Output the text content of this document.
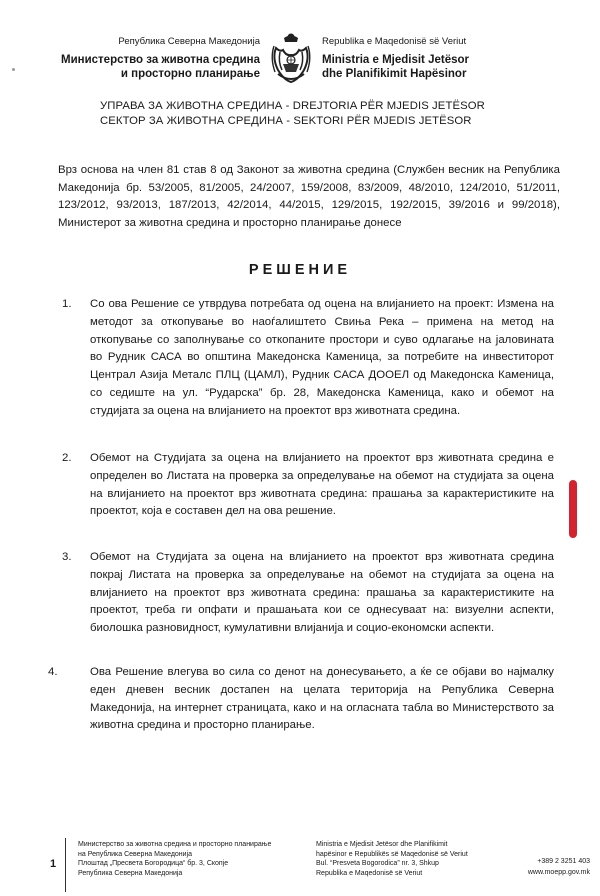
Република Северна Македонија
Министерство за животна средина
и просторно планирање
Republika e Maqedonisë së Veriut
Ministria e Mjedisit Jetësor
dhe Planifikimit Hapësinor
УПРАВА ЗА ЖИВОТНА СРЕДИНА - DREJTORIA PËR MJEDIS JETËSOR
СЕКТОР ЗА ЖИВОТНА СРЕДИНА - SEKTORI PËR MJEDIS JETËSOR
Врз основа на член 81 став 8 од Законот за животна средина (Службен весник на Република Македонија бр. 53/2005, 81/2005, 24/2007, 159/2008, 83/2009, 48/2010, 124/2010, 51/2011, 123/2012, 93/2013, 187/2013, 42/2014, 44/2015, 129/2015, 192/2015, 39/2016 и 99/2018), Министерот за животна средина и просторно планирање донесе
РЕШЕНИЕ
1. Со ова Решение се утврдува потребата од оцена на влијанието на проект: Измена на методот за откопување во наоѓалиштето Свиња Река – примена на метод на откопување со заполнување со откопаните простори и суво одлагање на јаловината во Рудник САСА во општина Македонска Каменица, за потребите на инвеститорот Централ Азија Металс ПЛЦ (ЦАМЛ), Рудник САСА ДООЕЛ од Македонска Каменица, со седиште на ул. “Рударска” бр. 28, Македонска Каменица, како и обемот на студијата за оцена на влијанието на проектот врз животната средина.
2. Обемот на Студијата за оцена на влијанието на проектот врз животната средина е определен во Листата на проверка за определување на обемот на студијата за оцена на влијанието на проектот врз животната средина: прашања за карактеристиките на проектот, која е составен дел на ова решение.
3. Обемот на Студијата за оцена на влијанието на проектот врз животната средина покрај Листата на проверка за определување на обемот на студијата за оцена на влијанието на проектот врз животната средина: прашања за карактеристиките на проектот, треба ги опфати и прашањата кои се однесуваат на: визуелни аспекти, биолошка разновидност, кумулативни влијанија и социо-економски аспекти.
4.	Ова Решение влегува во сила со денот на донесувањето, а ќе се објави во најмалку еден дневен весник достапен на целата територија на Република Северна Македонија, на интернет страницата, како и на огласната табла во Министерството за животна средина и просторно планирање.
1
Министерство за животна средина и просторно планирање
на Република Северна Македонија
Плоштад „Пресвета Богородица“ бр. 3, Скопје
Република Северна Македонија
Ministria e Mjedisit Jetësor dhe Planifikimit
hapësinor e Republikës së Maqedonisë së Veriut
Bul. “Presveta Bogorodica” nr. 3, Shkup
Republika e Maqedonisë së Veriut
+389 2 3251 403
www.moepp.gov.mk
